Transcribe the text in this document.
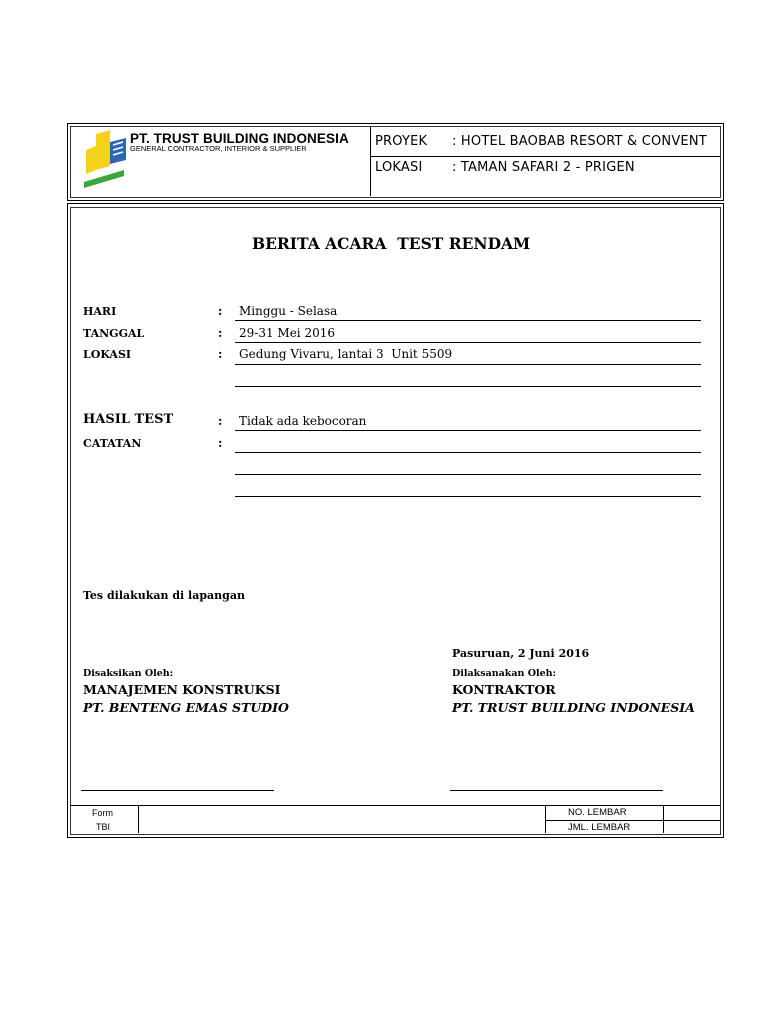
PT. TRUST BUILDING INDONESIA
GENERAL CONTRACTOR, INTERIOR & SUPPLIER	PROYEK : HOTEL BAOBAB RESORT & CONVENT
LOKASI : TAMAN SAFARI 2 - PRIGEN
BERITA ACARA  TEST RENDAM
HARI	: Minggu - Selasa
TANGGAL	: 29-31 Mei 2016
LOKASI	: Gedung Vivaru, lantai 3  Unit 5509
HASIL TEST	: Tidak ada kebocoran
CATATAN	:
Tes dilakukan di lapangan
Pasuruan, 2 Juni 2016
Disaksikan Oleh:
MANAJEMEN KONSTRUKSI
PT. BENTENG EMAS STUDIO
Dilaksanakan Oleh:
KONTRAKTOR
PT. TRUST BUILDING INDONESIA
Form
TBI
NO. LEMBAR
JML. LEMBAR
